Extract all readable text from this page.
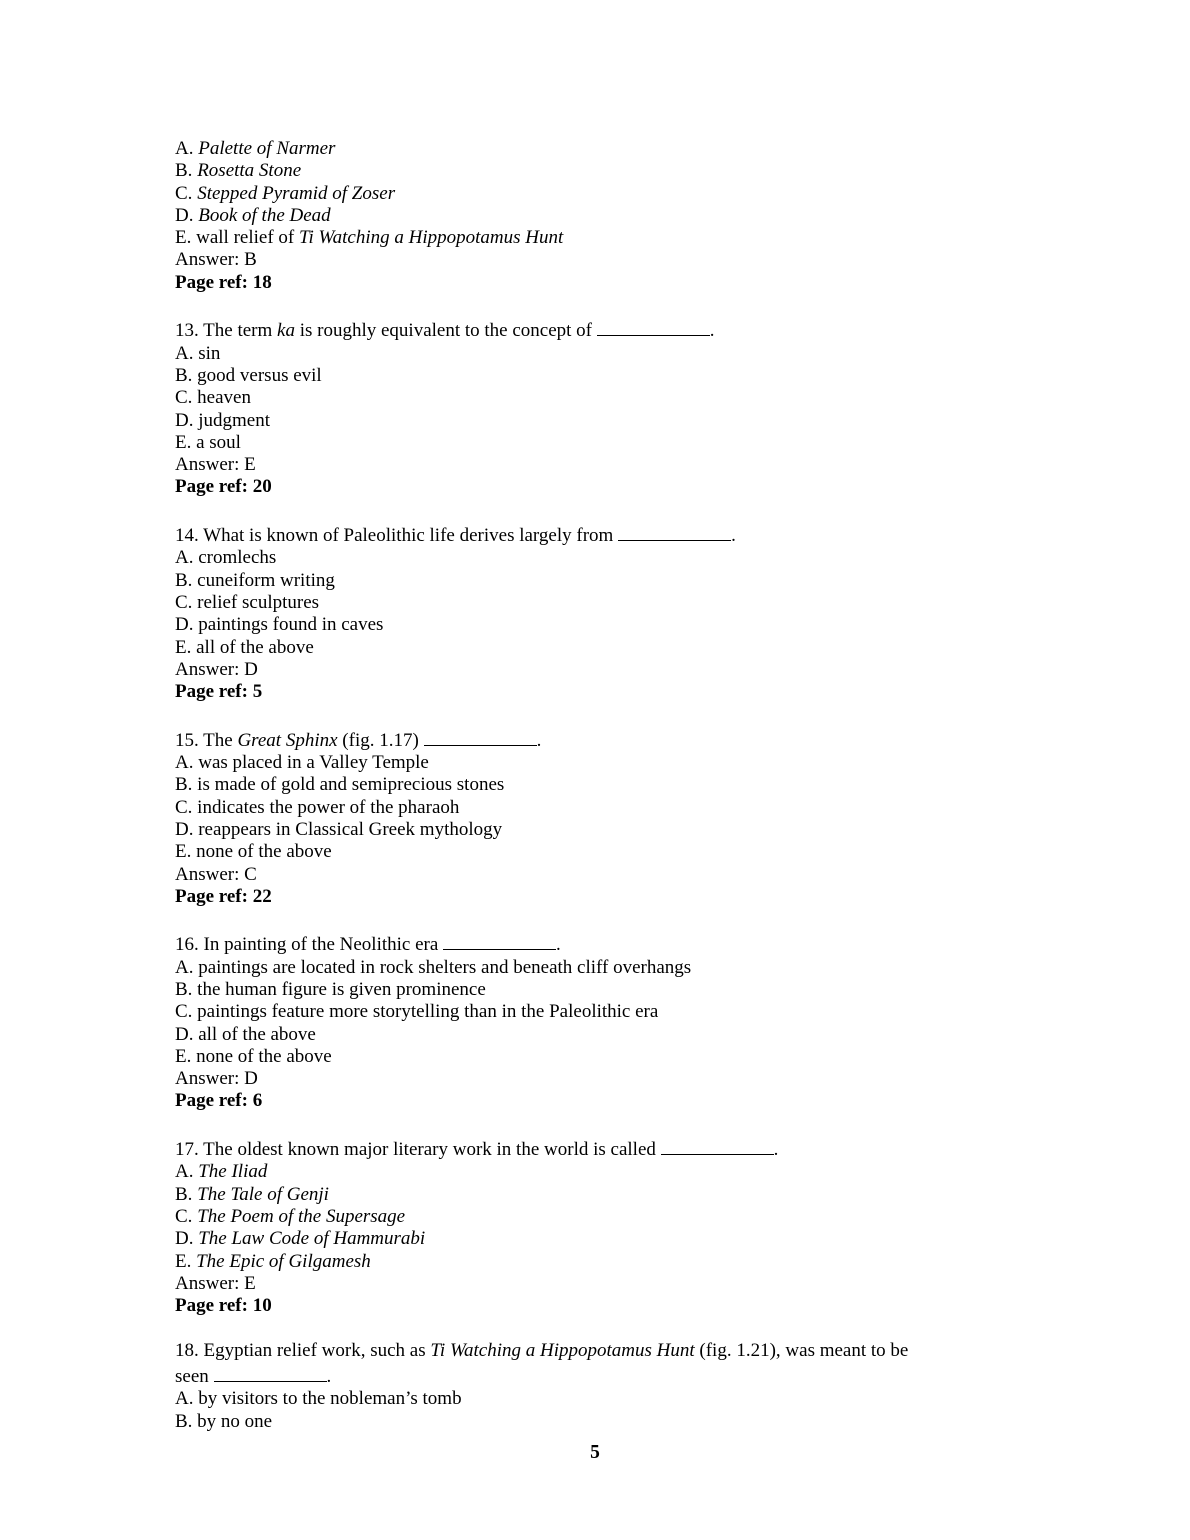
A. Palette of Narmer
B. Rosetta Stone
C. Stepped Pyramid of Zoser
D. Book of the Dead
E. wall relief of Ti Watching a Hippopotamus Hunt
Answer: B
Page ref: 18
13. The term ka is roughly equivalent to the concept of	.
A. sin
B. good versus evil
C. heaven
D. judgment
E. a soul
Answer: E
Page ref: 20
14. What is known of Paleolithic life derives largely from	.
A. cromlechs
B. cuneiform writing
C. relief sculptures
D. paintings found in caves
E. all of the above
Answer: D
Page ref: 5
15. The Great Sphinx (fig. 1.17)	.
A. was placed in a Valley Temple
B. is made of gold and semiprecious stones
C. indicates the power of the pharaoh
D. reappears in Classical Greek mythology
E. none of the above
Answer: C
Page ref: 22
16. In painting of the Neolithic era	.
A. paintings are located in rock shelters and beneath cliff overhangs
B. the human figure is given prominence
C. paintings feature more storytelling than in the Paleolithic era
D. all of the above
E. none of the above
Answer: D
Page ref: 6
17. The oldest known major literary work in the world is called	.
A. The Iliad
B. The Tale of Genji
C. The Poem of the Supersage
D. The Law Code of Hammurabi
E. The Epic of Gilgamesh
Answer: E
Page ref: 10
18. Egyptian relief work, such as Ti Watching a Hippopotamus Hunt (fig. 1.21), was meant to be
seen	.
A. by visitors to the nobleman’s tomb
B. by no one
5
